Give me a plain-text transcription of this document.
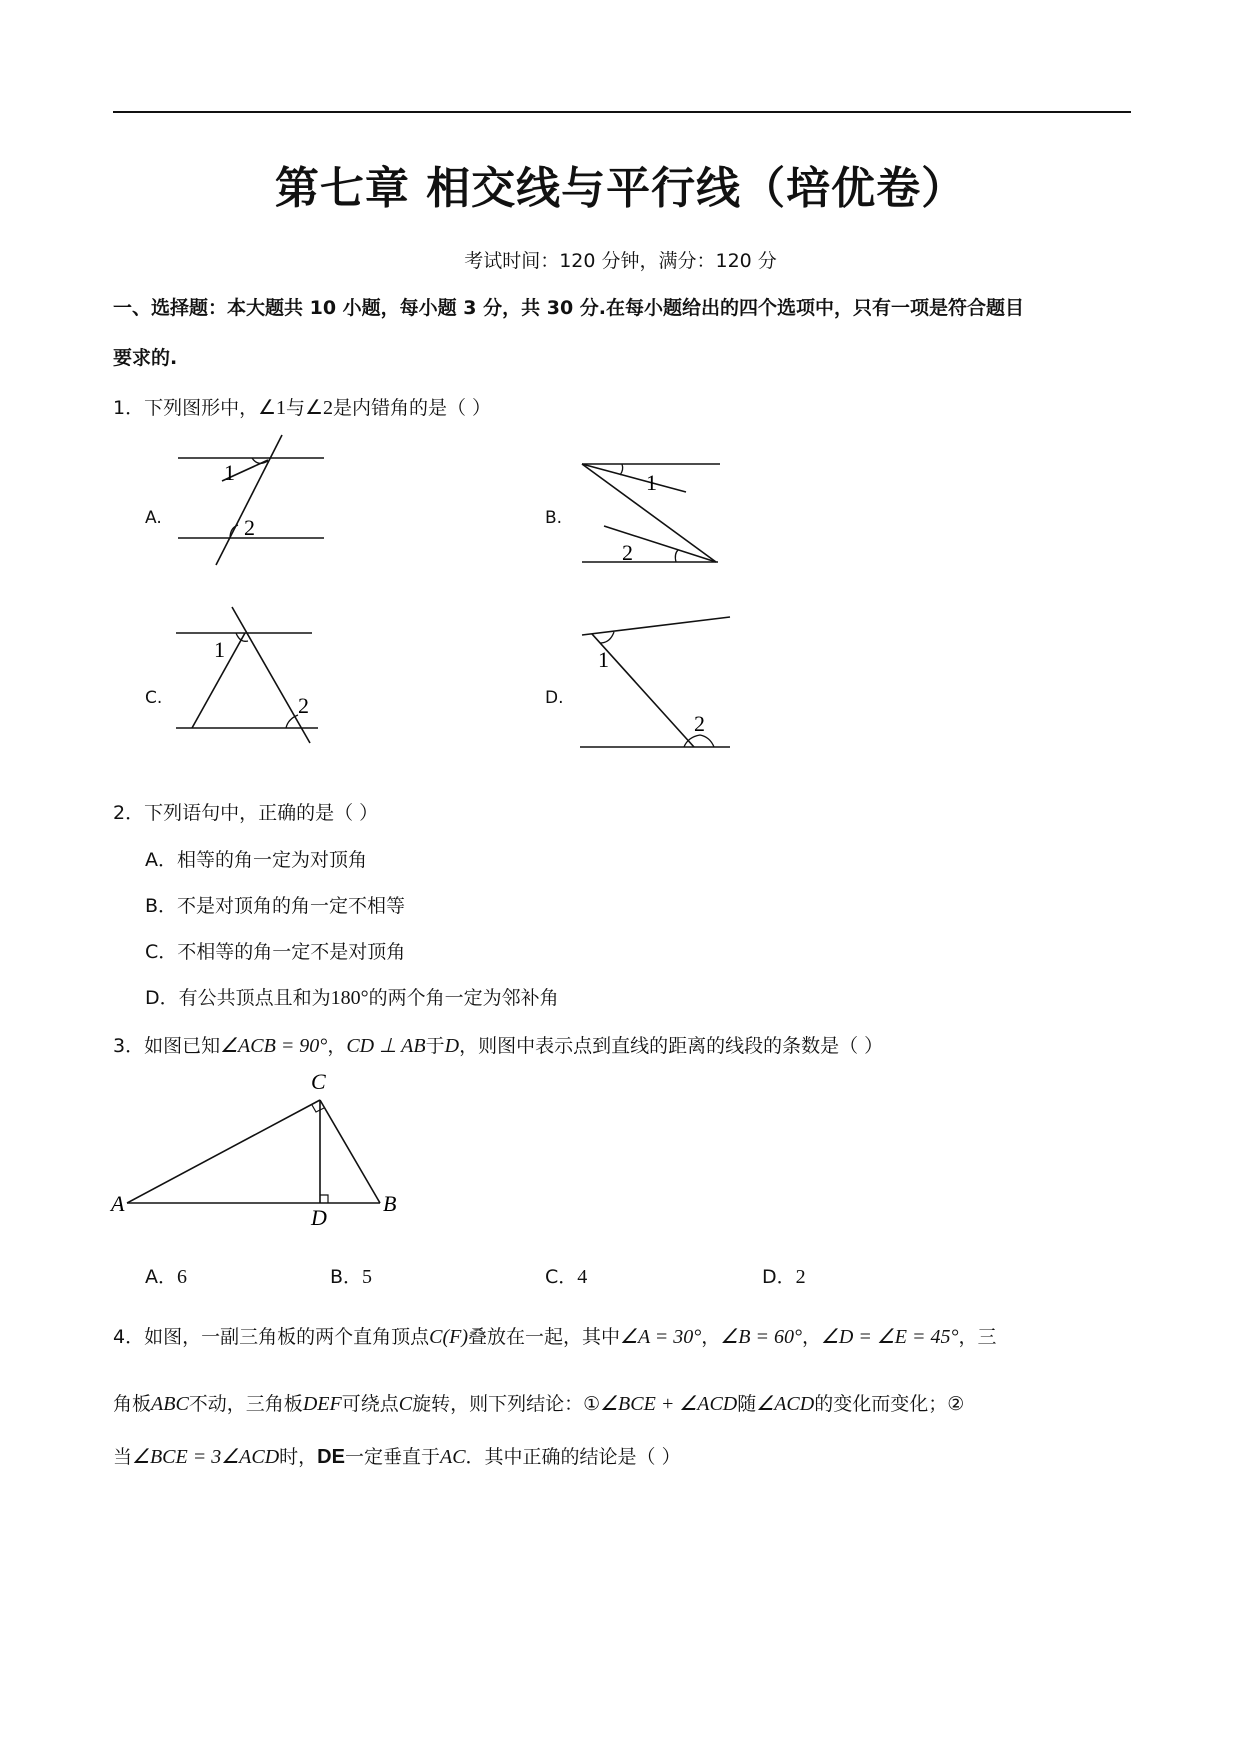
第七章 相交线与平行线（培优卷）
考试时间：120 分钟，满分：120 分
一、选择题：本大题共 10 小题，每小题 3 分，共 30 分.在每小题给出的四个选项中，只有一项是符合题目
要求的.
1．下列图形中，∠1与∠2是内错角的是（ ）
A.	B.
C.	D.
1
2
1
2
1
2
1
2
2．下列语句中，正确的是（ ）
A．相等的角一定为对顶角
B．不是对顶角的角一定不相等
C．不相等的角一定不是对顶角
D．有公共顶点且和为180°的两个角一定为邻补角
3．如图已知∠ACB = 90°，CD ⊥ AB于D，则图中表示点到直线的距离的线段的条数是（ ）
C
A	B
D
A．6	B．5	C．4	D．2
4．如图，一副三角板的两个直角顶点C(F)叠放在一起，其中∠A = 30°，∠B = 60°，∠D = ∠E = 45°，三
角板ABC不动，三角板DEF可绕点C旋转，则下列结论：①∠BCE + ∠ACD随∠ACD的变化而变化；②
当∠BCE = 3∠ACD时，DE一定垂直于AC．其中正确的结论是（ ）
